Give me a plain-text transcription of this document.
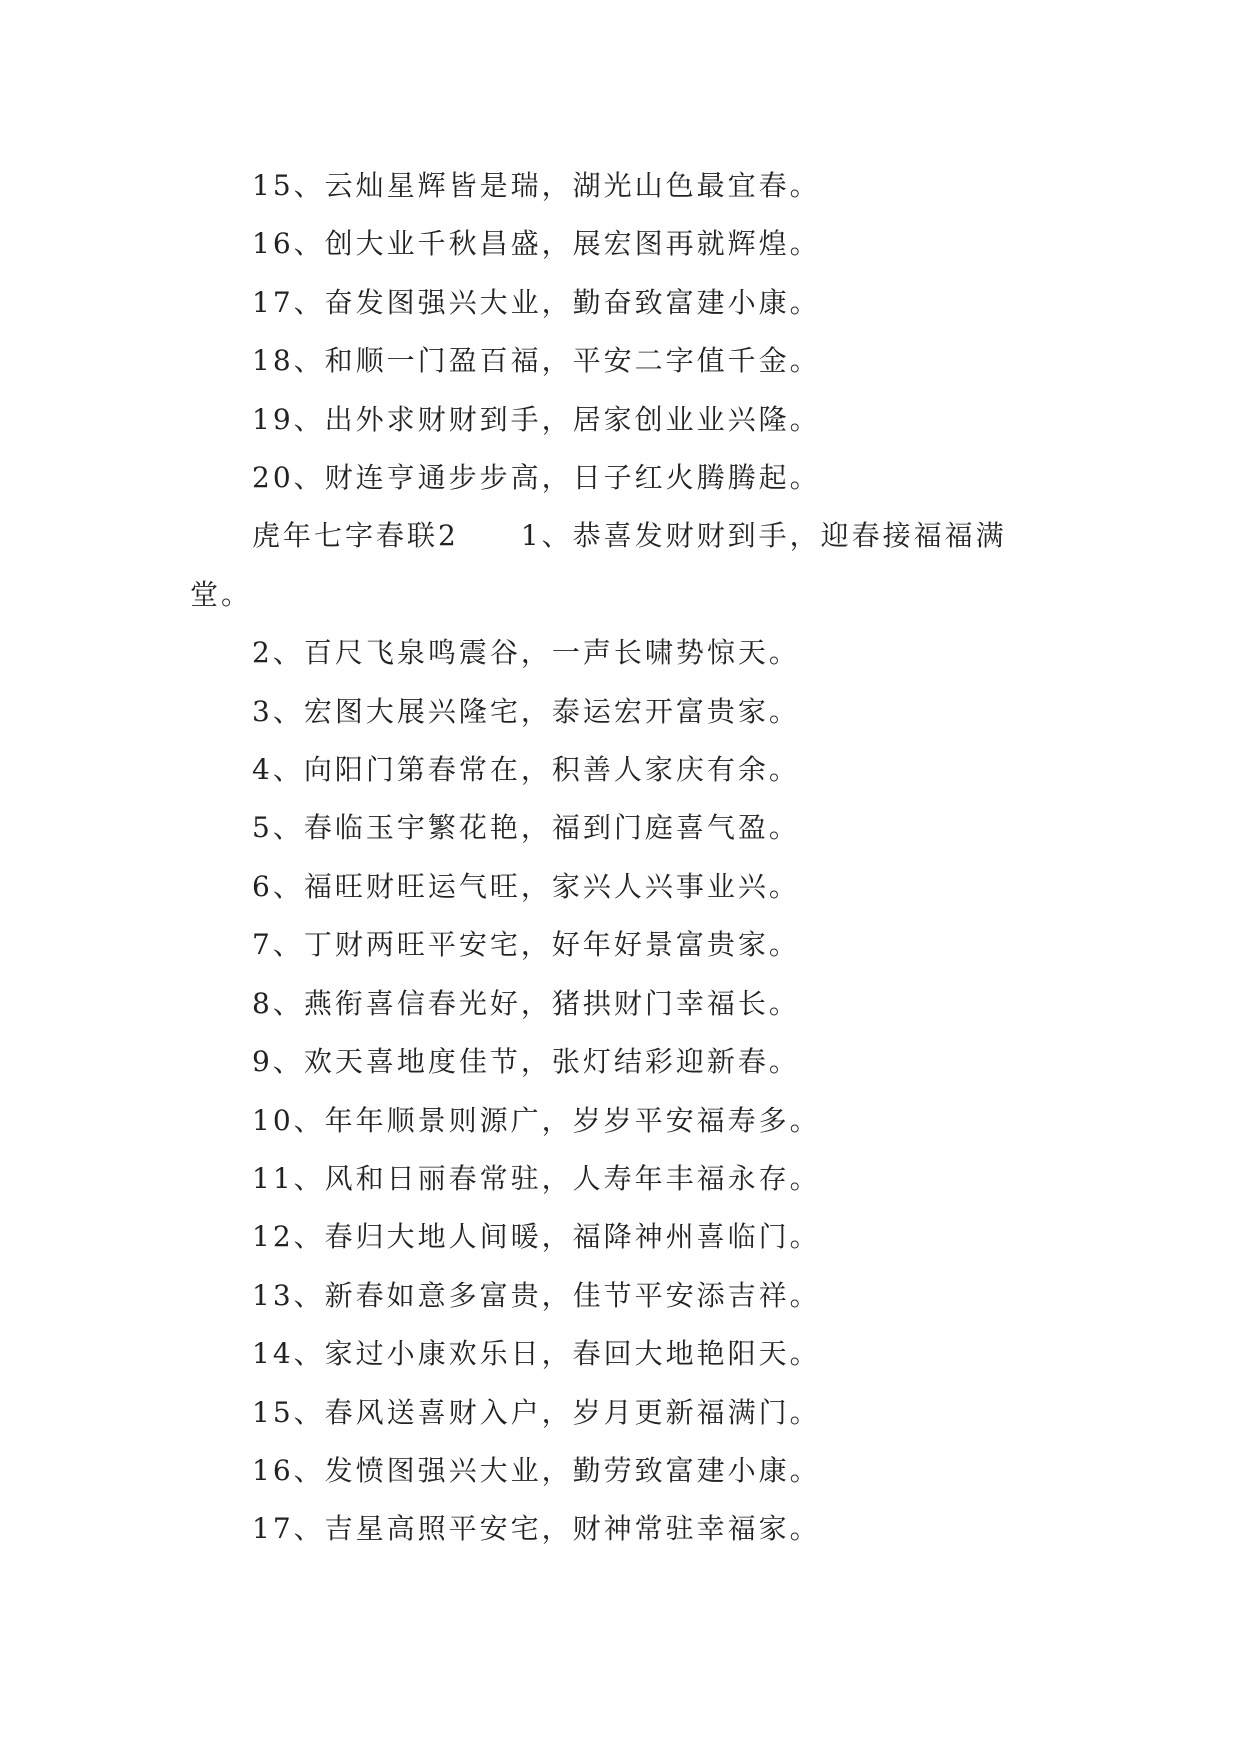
15、云灿星辉皆是瑞，湖光山色最宜春。

16、创大业千秋昌盛，展宏图再就辉煌。

17、奋发图强兴大业，勤奋致富建小康。

18、和顺一门盈百福，平安二字值千金。

19、出外求财财到手，居家创业业兴隆。

20、财连亨通步步高，日子红火腾腾起。

虎年七字春联2 1、恭喜发财财到手，迎春接福福满

堂。

2、百尺飞泉鸣震谷，一声长啸势惊天。

3、宏图大展兴隆宅，泰运宏开富贵家。

4、向阳门第春常在，积善人家庆有余。

5、春临玉宇繁花艳，福到门庭喜气盈。

6、福旺财旺运气旺，家兴人兴事业兴。

7、丁财两旺平安宅，好年好景富贵家。

8、燕衔喜信春光好，猪拱财门幸福长。

9、欢天喜地度佳节，张灯结彩迎新春。

10、年年顺景则源广，岁岁平安福寿多。

11、风和日丽春常驻，人寿年丰福永存。

12、春归大地人间暖，福降神州喜临门。

13、新春如意多富贵，佳节平安添吉祥。

14、家过小康欢乐日，春回大地艳阳天。

15、春风送喜财入户，岁月更新福满门。

16、发愤图强兴大业，勤劳致富建小康。

17、吉星高照平安宅，财神常驻幸福家。
